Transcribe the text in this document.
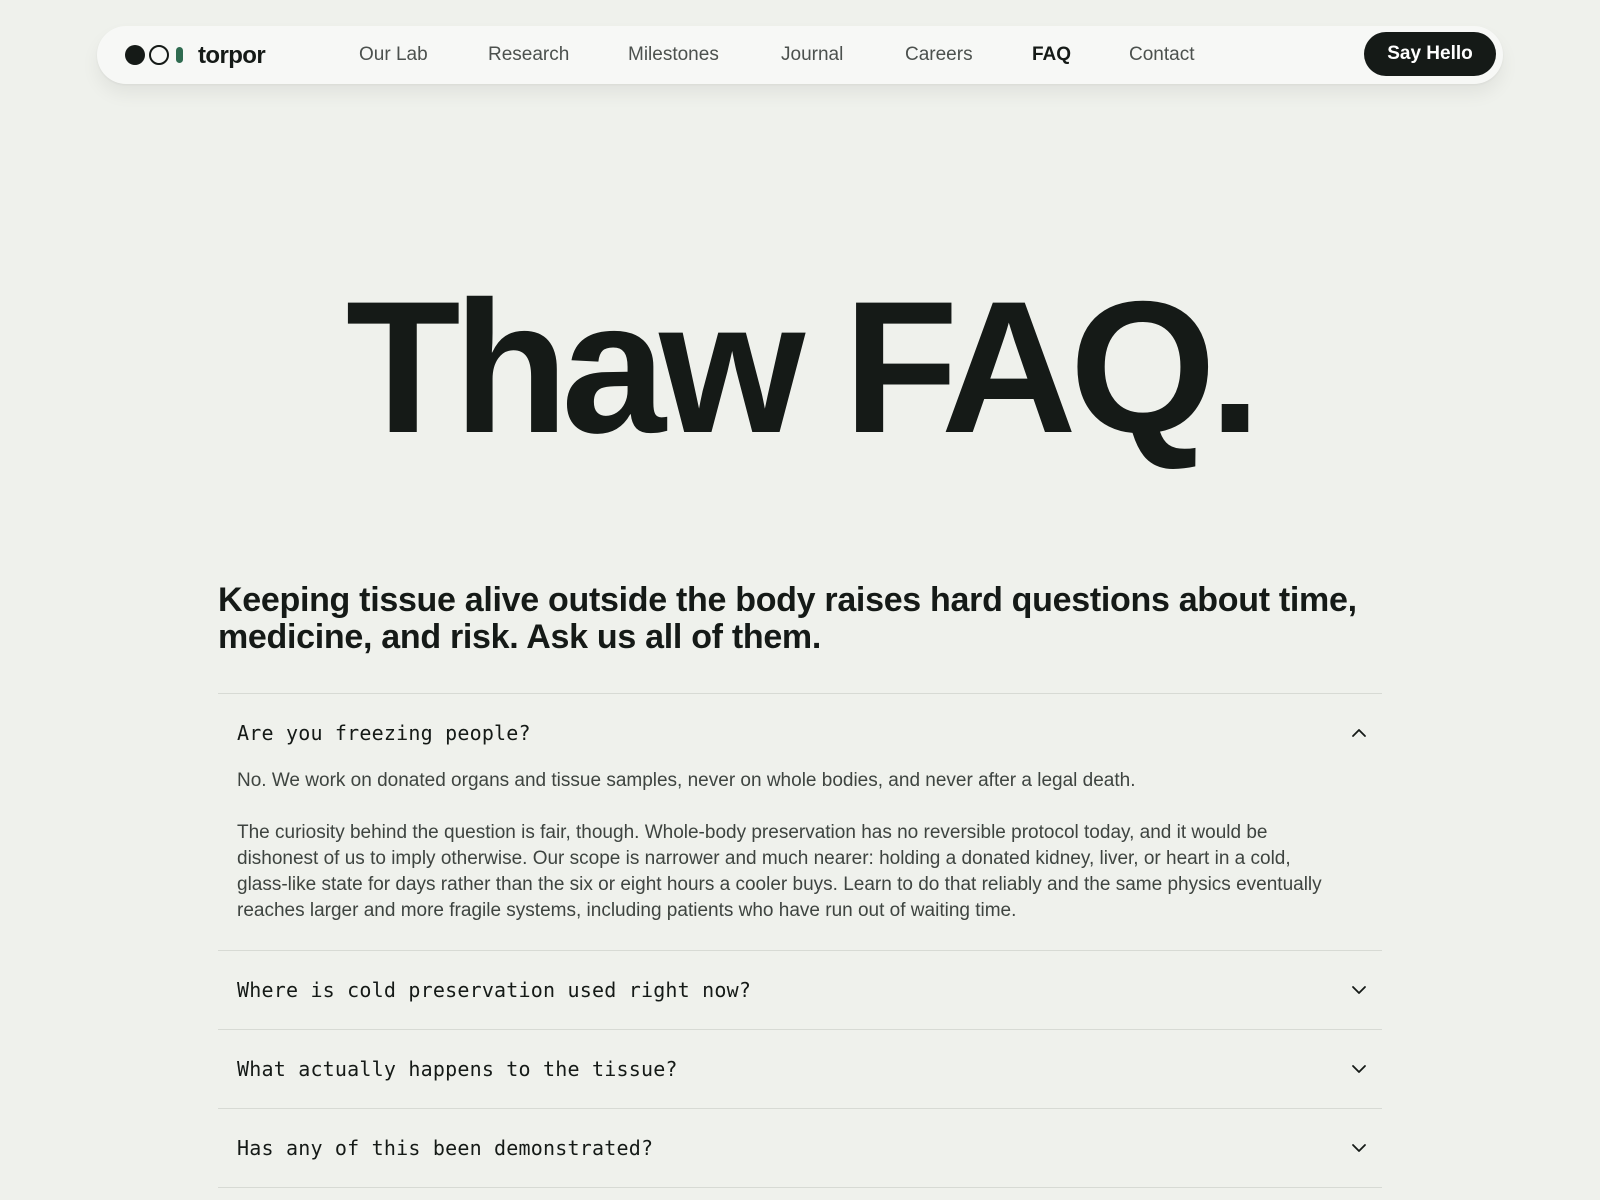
torpor	Our Lab	Research	Milestones	Journal	Careers	FAQ	Contact	Say Hello
Thaw FAQ.

Keeping tissue alive outside the body raises hard questions about time, medicine, and risk. Ask us all of them.

Are you freezing people?

No. We work on donated organs and tissue samples, never on whole bodies, and never after a legal death.

The curiosity behind the question is fair, though. Whole-body preservation has no reversible protocol today, and it would be dishonest of us to imply otherwise. Our scope is narrower and much nearer: holding a donated kidney, liver, or heart in a cold, glass-like state for days rather than the six or eight hours a cooler buys. Learn to do that reliably and the same physics eventually reaches larger and more fragile systems, including patients who have run out of waiting time.

Where is cold preservation used right now?
What actually happens to the tissue?
Has any of this been demonstrated?
